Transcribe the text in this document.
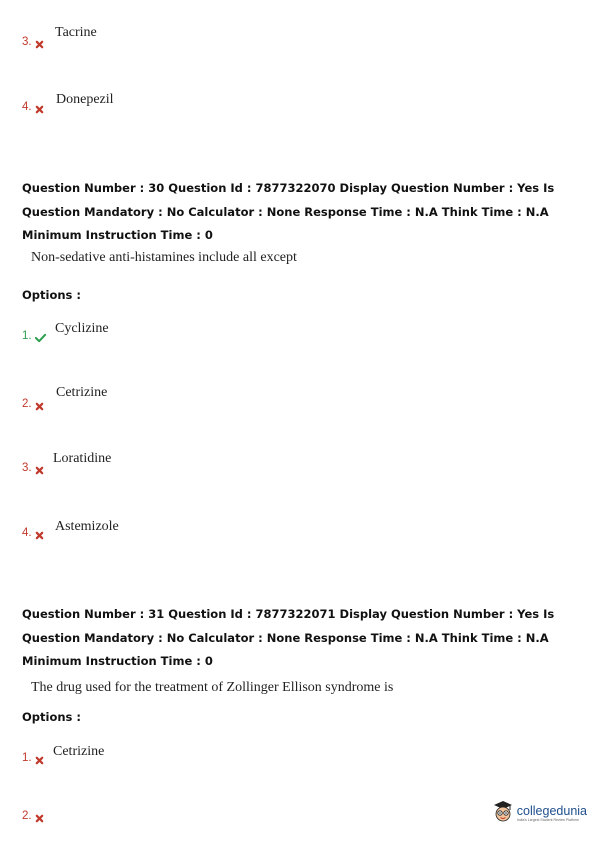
3.
Tacrine
4. Donepezil
Question Number : 30 Question Id : 7877322070 Display Question Number : Yes Is Question Mandatory : No Calculator : None Response Time : N.A Think Time : N.A Minimum Instruction Time : 0
Non-sedative anti-histamines include all except
Options :
1. Cyclizine
2.
Cetrizine
3.
Loratidine
4. Astemizole
Question Number : 31 Question Id : 7877322071 Display Question Number : Yes Is Question Mandatory : No Calculator : None Response Time : N.A Think Time : N.A Minimum Instruction Time : 0
The drug used for the treatment of Zollinger Ellison syndrome is
Options :
1. Cetrizine
2.	collegedunia
India's Largest Student Review Platform
